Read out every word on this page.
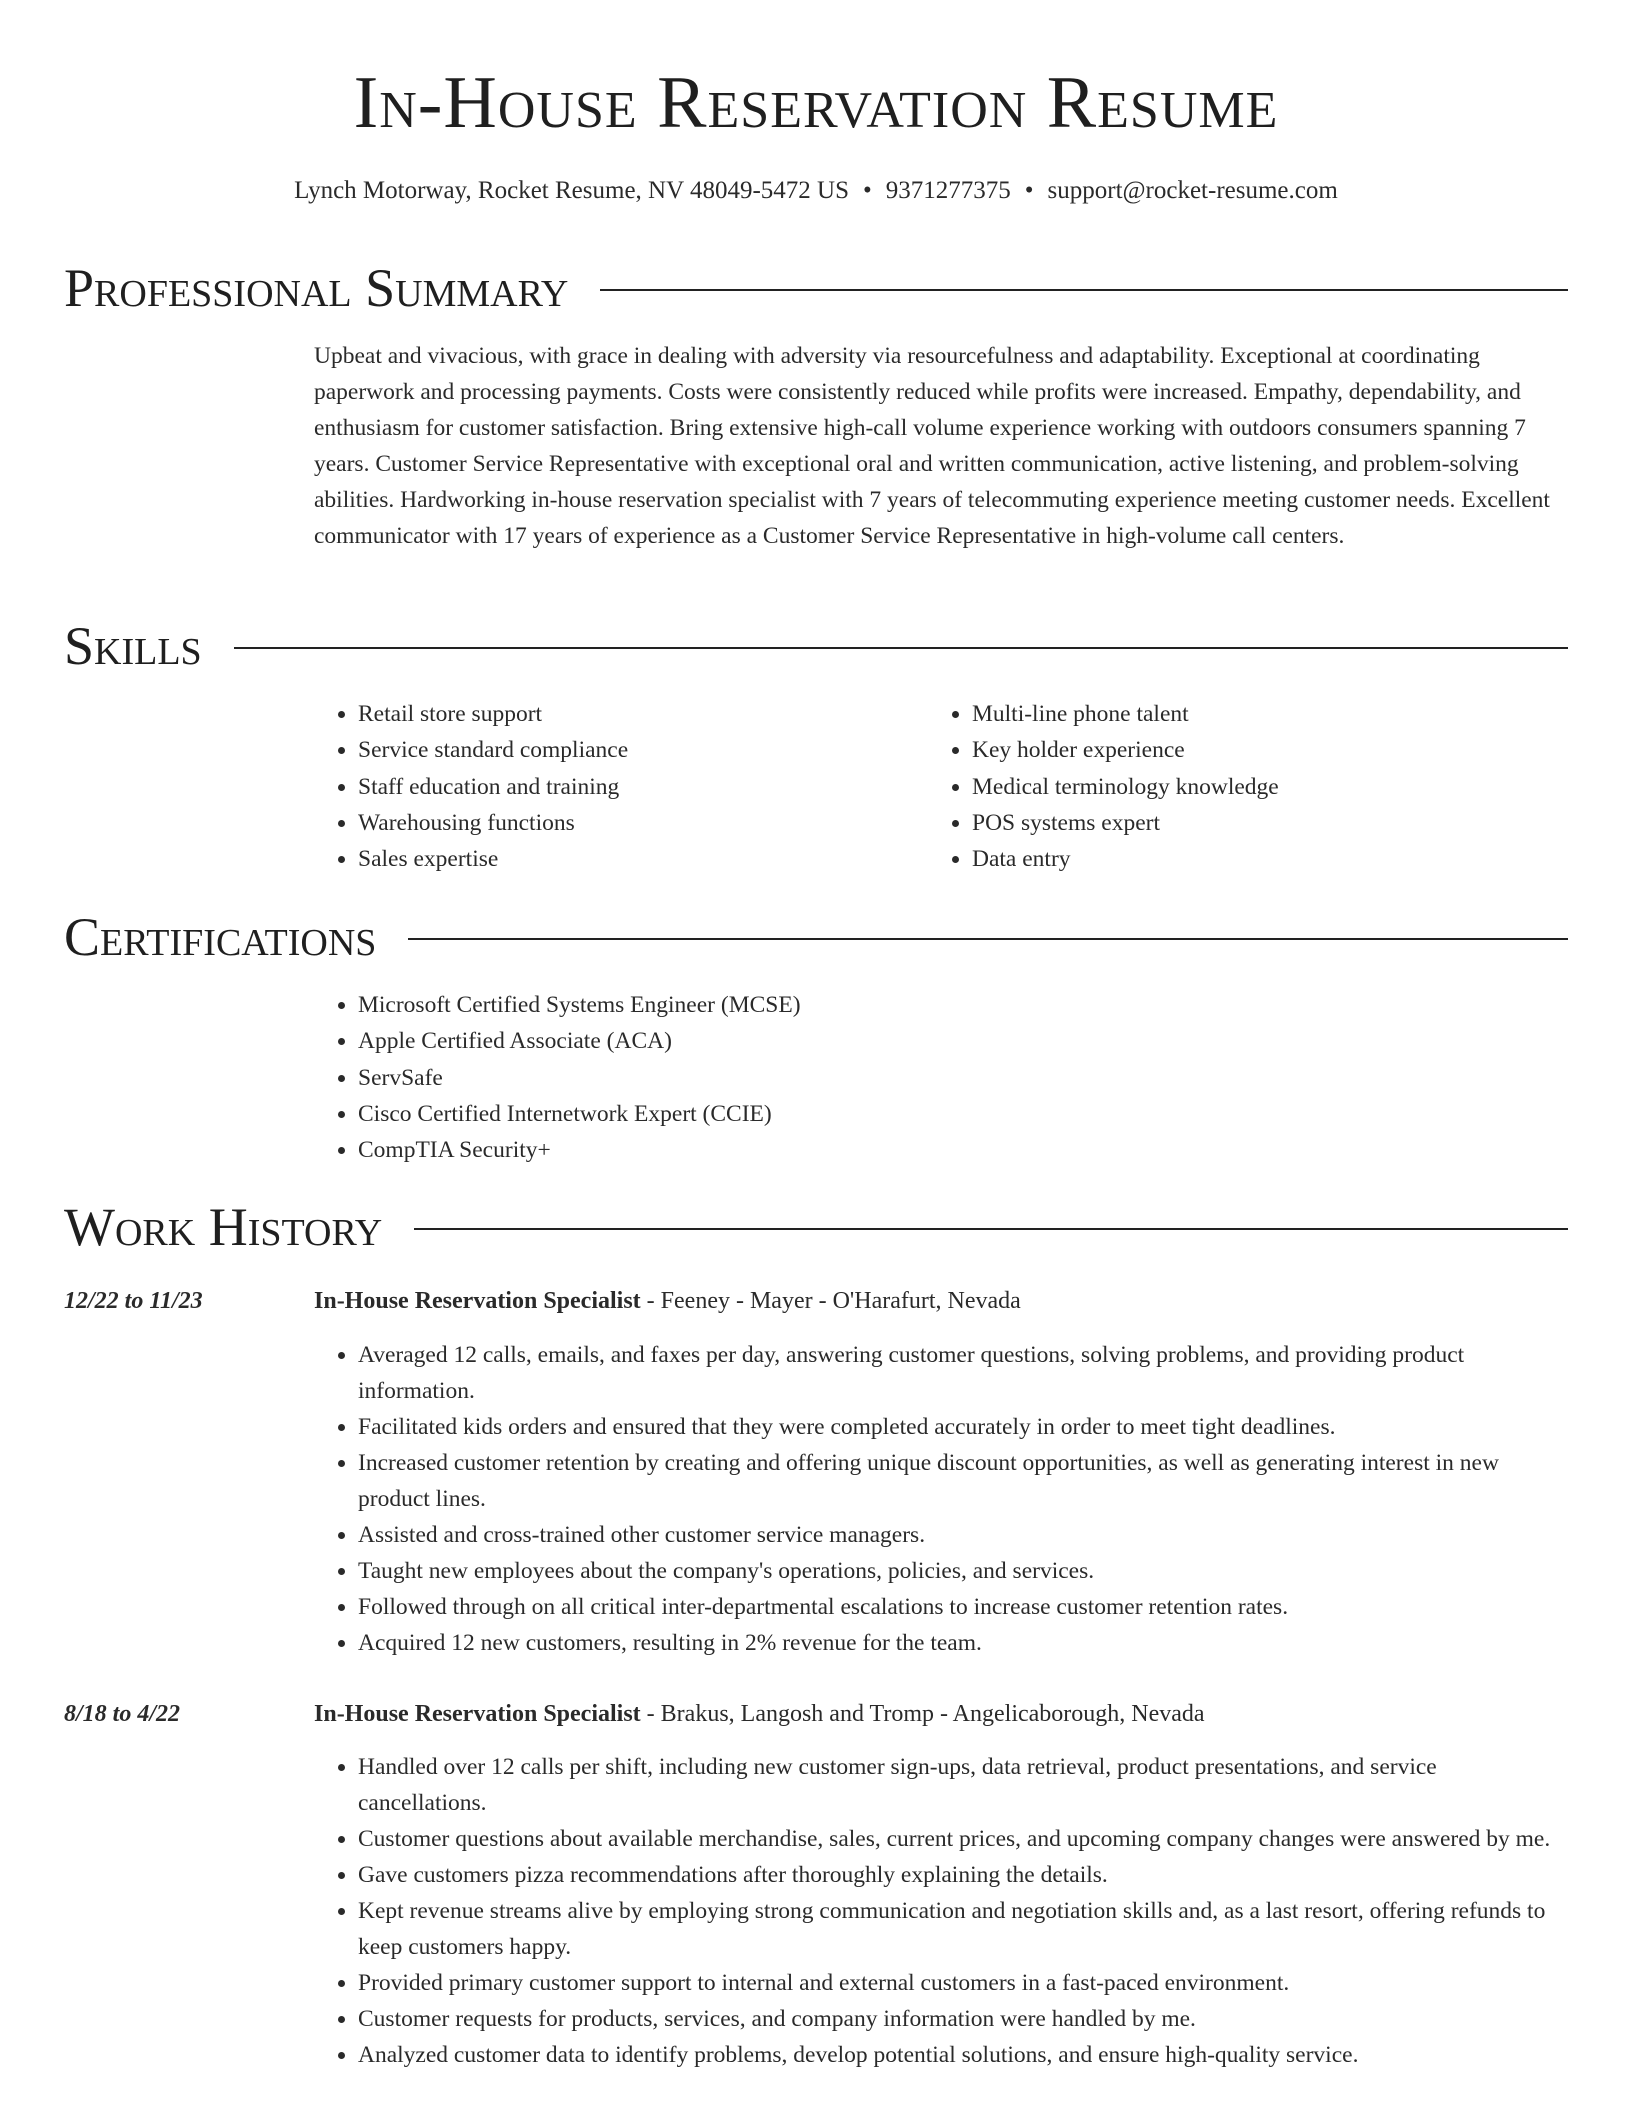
In-House Reservation Resume
Lynch Motorway, Rocket Resume, NV 48049-5472 US • 9371277375 • support@rocket-resume.com
Professional Summary
Upbeat and vivacious, with grace in dealing with adversity via resourcefulness and adaptability. Exceptional at coordinating paperwork and processing payments. Costs were consistently reduced while profits were increased. Empathy, dependability, and enthusiasm for customer satisfaction. Bring extensive high-call volume experience working with outdoors consumers spanning 7 years. Customer Service Representative with exceptional oral and written communication, active listening, and problem-solving abilities. Hardworking in-house reservation specialist with 7 years of telecommuting experience meeting customer needs. Excellent communicator with 17 years of experience as a Customer Service Representative in high-volume call centers.
Skills
• Retail store support
• Service standard compliance
• Staff education and training
• Warehousing functions
• Sales expertise
• Multi-line phone talent
• Key holder experience
• Medical terminology knowledge
• POS systems expert
• Data entry
Certifications
• Microsoft Certified Systems Engineer (MCSE)
• Apple Certified Associate (ACA)
• ServSafe
• Cisco Certified Internetwork Expert (CCIE)
• CompTIA Security+
Work History
12/22 to 11/23	In-House Reservation Specialist - Feeney - Mayer - O'Harafurt, Nevada
• Averaged 12 calls, emails, and faxes per day, answering customer questions, solving problems, and providing product information.
• Facilitated kids orders and ensured that they were completed accurately in order to meet tight deadlines.
• Increased customer retention by creating and offering unique discount opportunities, as well as generating interest in new product lines.
• Assisted and cross-trained other customer service managers.
• Taught new employees about the company's operations, policies, and services.
• Followed through on all critical inter-departmental escalations to increase customer retention rates.
• Acquired 12 new customers, resulting in 2% revenue for the team.
8/18 to 4/22	In-House Reservation Specialist - Brakus, Langosh and Tromp - Angelicaborough, Nevada
• Handled over 12 calls per shift, including new customer sign-ups, data retrieval, product presentations, and service cancellations.
• Customer questions about available merchandise, sales, current prices, and upcoming company changes were answered by me.
• Gave customers pizza recommendations after thoroughly explaining the details.
• Kept revenue streams alive by employing strong communication and negotiation skills and, as a last resort, offering refunds to keep customers happy.
• Provided primary customer support to internal and external customers in a fast-paced environment.
• Customer requests for products, services, and company information were handled by me.
• Analyzed customer data to identify problems, develop potential solutions, and ensure high-quality service.
